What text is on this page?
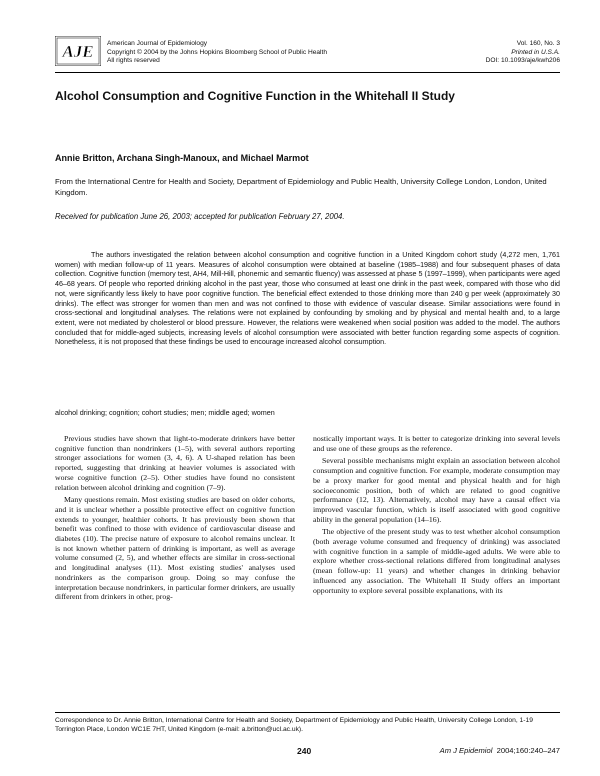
AJE American Journal of Epidemiology
Copyright © 2004 by the Johns Hopkins Bloomberg School of Public Health
All rights reserved
Vol. 160, No. 3
Printed in U.S.A.
DOI: 10.1093/aje/kwh206
Alcohol Consumption and Cognitive Function in the Whitehall II Study

Annie Britton, Archana Singh-Manoux, and Michael Marmot

From the International Centre for Health and Society, Department of Epidemiology and Public Health, University College London, London, United Kingdom.

Received for publication June 26, 2003; accepted for publication February 27, 2004.

The authors investigated the relation between alcohol consumption and cognitive function in a United Kingdom cohort study (4,272 men, 1,761 women) with median follow-up of 11 years. Measures of alcohol consumption were obtained at baseline (1985–1988) and four subsequent phases of data collection. Cognitive function (memory test, AH4, Mill-Hill, phonemic and semantic fluency) was assessed at phase 5 (1997–1999), when participants were aged 46–68 years. Of people who reported drinking alcohol in the past year, those who consumed at least one drink in the past week, compared with those who did not, were significantly less likely to have poor cognitive function. The beneficial effect extended to those drinking more than 240 g per week (approximately 30 drinks). The effect was stronger for women than men and was not confined to those with evidence of vascular disease. Similar associations were found in cross-sectional and longitudinal analyses. The relations were not explained by confounding by smoking and by physical and mental health and, to a large extent, were not mediated by cholesterol or blood pressure. However, the relations were weakened when social position was added to the model. The authors concluded that for middle-aged subjects, increasing levels of alcohol consumption were associated with better function regarding some aspects of cognition. Nonetheless, it is not proposed that these findings be used to encourage increased alcohol consumption.

alcohol drinking; cognition; cohort studies; men; middle aged; women

Previous studies have shown that light-to-moderate drinkers have better cognitive function than nondrinkers (1–5), with several authors reporting stronger associations for women (3, 4, 6). A U-shaped relation has been reported, suggesting that drinking at heavier volumes is associated with worse cognitive function (2–5). Other studies have found no consistent relation between alcohol drinking and cognition (7–9).

Many questions remain. Most existing studies are based on older cohorts, and it is unclear whether a possible protective effect on cognitive function extends to younger, healthier cohorts. It has previously been shown that benefit was confined to those with evidence of cardiovascular disease and diabetes (10). The precise nature of exposure to alcohol remains unclear. It is not known whether pattern of drinking is important, as well as average volume consumed (2, 5), and whether effects are similar in cross-sectional and longitudinal analyses (11). Most existing studies' analyses used nondrinkers as the comparison group. Doing so may confuse the interpretation because nondrinkers, in particular former drinkers, are usually different from drinkers in other, prog-

nostically important ways. It is better to categorize drinking into several levels and use one of these groups as the reference.

Several possible mechanisms might explain an association between alcohol consumption and cognitive function. For example, moderate consumption may be a proxy marker for good mental and physical health and for high socioeconomic position, both of which are related to good cognitive performance (12, 13). Alternatively, alcohol may have a causal effect via improved vascular function, which is itself associated with good cognitive ability in the general population (14–16).

The objective of the present study was to test whether alcohol consumption (both average volume consumed and frequency of drinking) was associated with cognitive function in a sample of middle-aged adults. We were able to explore whether cross-sectional relations differed from longitudinal analyses (mean follow-up: 11 years) and whether changes in drinking behavior influenced any association. The Whitehall II Study offers an important opportunity to explore several possible explanations, with its

Correspondence to Dr. Annie Britton, International Centre for Health and Society, Department of Epidemiology and Public Health, University College London, 1-19 Torrington Place, London WC1E 7HT, United Kingdom (e-mail: a.britton@ucl.ac.uk).

240	Am J Epidemiol 2004;160:240–247
